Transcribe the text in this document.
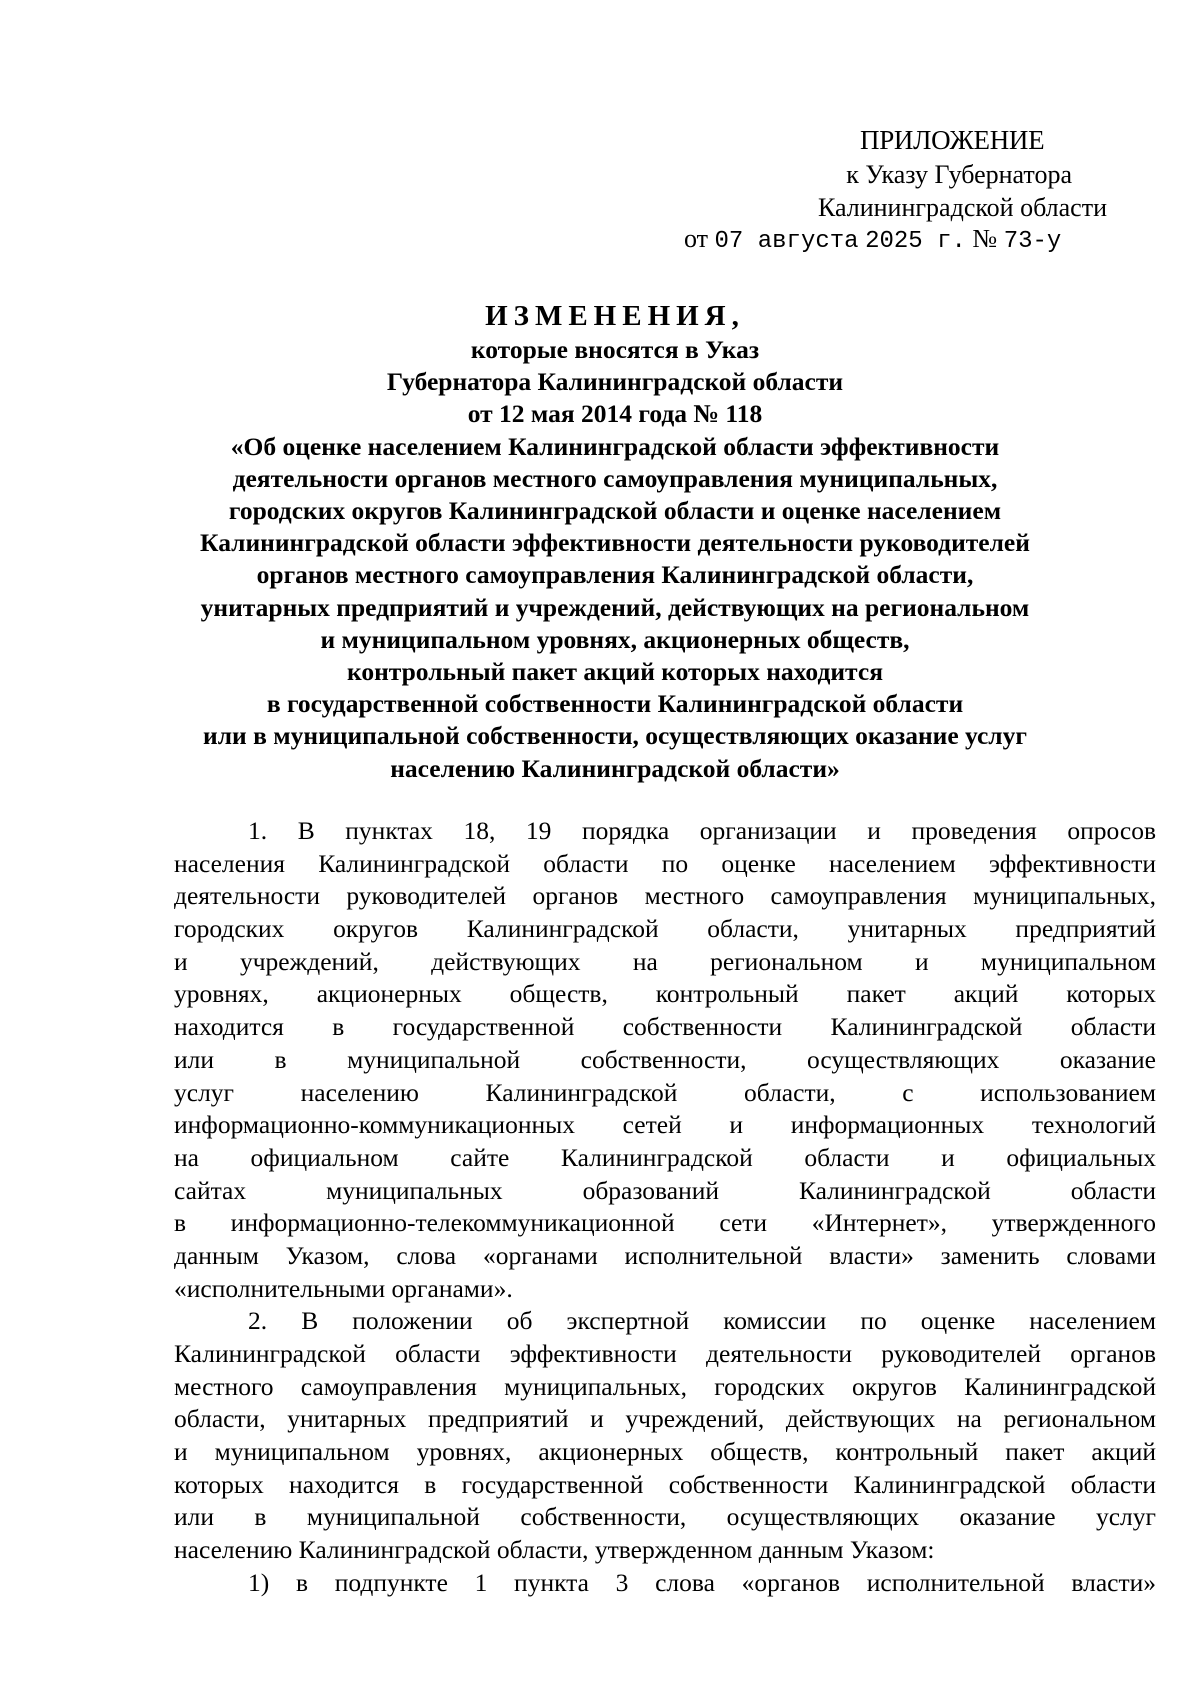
ПРИЛОЖЕНИЕ
к Указу Губернатора
Калининградской области
от 07 августа 2025 г. № 73-у
ИЗМЕНЕНИЯ,
которые вносятся в Указ
Губернатора Калининградской области
от 12 мая 2014 года № 118
«Об оценке населением Калининградской области эффективности
деятельности органов местного самоуправления муниципальных,
городских округов Калининградской области и оценке населением
Калининградской области эффективности деятельности руководителей
органов местного самоуправления Калининградской области,
унитарных предприятий и учреждений, действующих на региональном
и муниципальном уровнях, акционерных обществ,
контрольный пакет акций которых находится
в государственной собственности Калининградской области
или в муниципальной собственности, осуществляющих оказание услуг
населению Калининградской области»
1. В пунктах 18, 19 порядка организации и проведения опросов
населения Калининградской области по оценке населением эффективности
деятельности руководителей органов местного самоуправления муниципальных,
городских округов Калининградской области, унитарных предприятий
и учреждений, действующих на региональном и муниципальном
уровнях, акционерных обществ, контрольный пакет акций которых
находится в государственной собственности Калининградской области
или в муниципальной собственности, осуществляющих оказание
услуг населению Калининградской области, с использованием
информационно-коммуникационных сетей и информационных технологий
на официальном сайте Калининградской области и официальных
сайтах муниципальных образований Калининградской области
в информационно-телекоммуникационной сети «Интернет», утвержденного
данным Указом, слова «органами исполнительной власти» заменить словами
«исполнительными органами».
2. В положении об экспертной комиссии по оценке населением
Калининградской области эффективности деятельности руководителей органов
местного самоуправления муниципальных, городских округов Калининградской
области, унитарных предприятий и учреждений, действующих на региональном
и муниципальном уровнях, акционерных обществ, контрольный пакет акций
которых находится в государственной собственности Калининградской области
или в муниципальной собственности, осуществляющих оказание услуг
населению Калининградской области, утвержденном данным Указом:
1) в подпункте 1 пункта 3 слова «органов исполнительной власти»
